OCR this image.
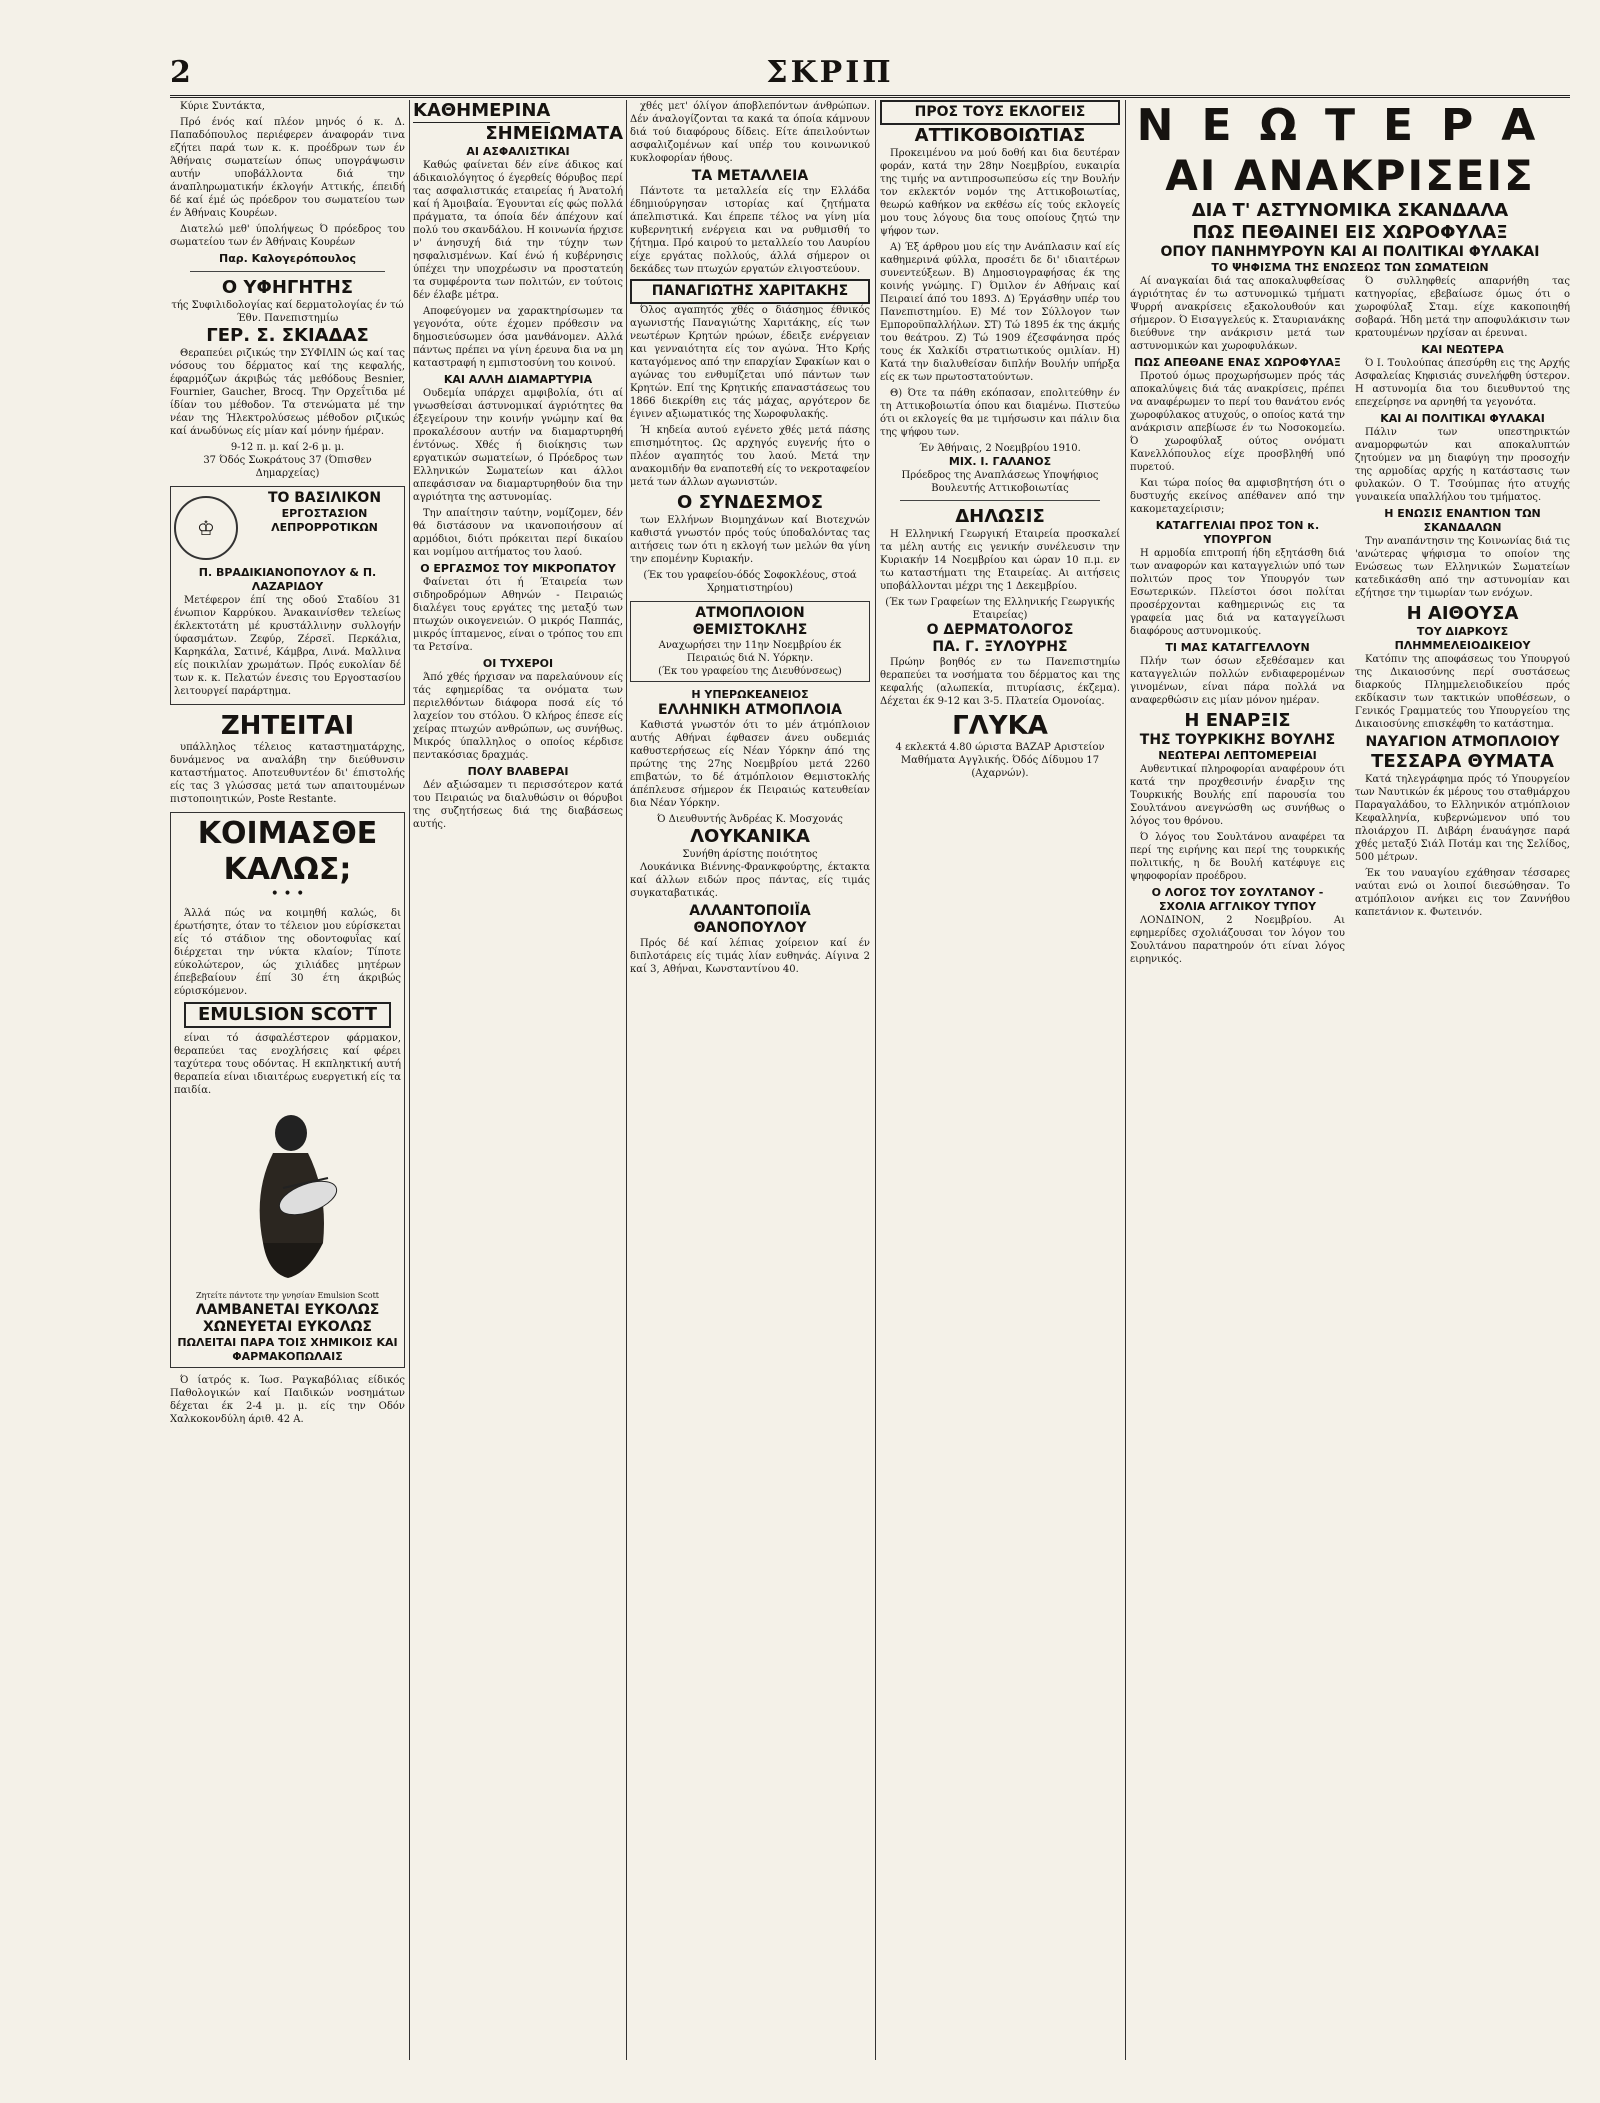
2	ΣΚΡΙΠ

Κύριε Συντάκτα,

Πρό ένός καί πλέον μηνός ό κ. Δ. Παπαδόπουλος περιέφερεν άναφοράν τινα εζήτει παρά των κ. κ. προέδρων των έν Άθήναις σωματείων όπως υπογράψωσιν αυτήν υποβάλλοντα διά την άναπληρωματικήν έκλογήν Αττικής, έπειδή δέ καί έμέ ώς πρόεδρον του σωματείου των έν Άθήναις Κουρέων.

Διατελώ μεθ' ύπολήψεως Ό πρόεδρος του σωματείου των έν Άθήναις Κουρέων

Παρ. Καλογερόπουλος
Ο ΥΦΗΓΗΤΗΣ
τής Συφιλιδολογίας καί δερματολογίας έν τώ Έθν. Πανεπιστημίω
ΓΕΡ. Σ. ΣΚΙΑΔΑΣ

Θεραπεύει ριζικώς την ΣΥΦΙΛΙΝ ώς καί τας νόσους του δέρματος καί της κεφαλής, έφαρμόζων άκριβώς τάς μεθόδους Besnier, Fournier, Gaucher, Brocq. Την Ορχεΐτιδα μέ ίδίαν του μέθοδον. Τα στενώματα μέ την νέαν της Ήλεκτρολύσεως μέθοδον ριζικώς καί άνωδύνως είς μίαν καί μόνην ήμέραν.

9-12 π. μ. καί 2-6 μ. μ.
37 Όδός Σωκράτους 37 (Όπισθεν Δημαρχείας)
♔
ΤΟ ΒΑΣΙΛΙΚΟΝ
ΕΡΓΟΣΤΑΣΙΟΝ ΛΕΠΡΟΡΡΟΤΙΚΩΝ
Π. ΒΡΑΔΙΚΙΑΝΟΠΟΥΛΟΥ & Π. ΛΑΖΑΡΙΔΟΥ

Μετέφερον έπί της οδού Σταδίου 31 ένωπιον Καρρύκου. Άνακαινίσθεν τελείως έκλεκτοτάτη μέ κρυστάλλινην συλλογήν ύφασμάτων. Ζεφύρ, Ζέρσεϊ. Περκάλια, Καρηκάλα, Σατινέ, Κάμβρα, Λινά. Μαλλινα είς ποικιλίαν χρωμάτων. Πρός ευκολίαν δέ των κ. κ. Πελατών ένεσις του Εργοστασίου λειτουργεί παράρτημα.

ΖΗΤΕΙΤΑΙ

υπάλληλος τέλειος καταστηματάρχης, δυνάμενος να αναλάβη την διεύθυνσιν καταστήματος. Αποτευθυντέον δι' έπιστολής είς τας 3 γλώσσας μετά των απαιτουμένων πιστοποιητικών, Poste Restante.

ΚΟΙΜΑΣΘΕ
ΚΑΛΩΣ;
• • •

Άλλά πώς να κοιμηθή καλώς, δι έρωτήσητε, όταν το τέλειον μου εύρίσκεται είς τό στάδιον της οδοντοφυΐας καί διέρχεται την νύκτα κλαίον; Τίποτε εύκολώτερον, ώς χιλιάδες μητέρων έπεβεβαίουν έπί 30 έτη άκριβώς εύρισκόμενον.

EMULSION SCOTT

είναι τό άσφαλέστερον φάρμακον, θεραπεύει τας ενοχλήσεις καί φέρει ταχύτερα τους οδόντας. Η εκπληκτική αυτή θεραπεία είναι ιδιαιτέρως ευεργετική είς τα παιδία.

Ζητείτε πάντοτε την γνησίαν Emulsion Scott
ΛΑΜΒΑΝΕΤΑΙ ΕΥΚΟΛΩΣ
ΧΩΝΕΥΕΤΑΙ ΕΥΚΟΛΩΣ
ΠΩΛΕΙΤΑΙ ΠΑΡΑ ΤΟΙΣ ΧΗΜΙΚΟΙΣ ΚΑΙ ΦΑΡΜΑΚΟΠΩΛΑΙΣ

Ό ίατρός κ. Ίωσ. Ραγκαβόλιας είδικός Παθολογικών καί Παιδικών νοσημάτων δέχεται έκ 2-4 μ. μ. είς την Οδόν Χαλκοκονδύλη άριθ. 42 Α.

ΚΑΘΗΜΕΡΙΝΑ
ΣΗΜΕΙΩΜΑΤΑ
ΑΙ ΑΣΦΑΛΙΣΤΙΚΑΙ

Καθώς φαίνεται δέν είνε άδικος καί άδικαιολόγητος ό έγερθείς θόρυβος περί τας ασφαλιστικάς εταιρείας ή Άνατολή καί ή Άμοιβαία. Έγουνται είς φώς πολλά πράγματα, τα όποία δέν άπέχουν καί πολύ του σκανδάλου. Η κοινωνία ήρχισε ν' άνησυχή διά την τύχην των ησφαλισμένων. Καί ένώ ή κυβέρνησις ύπέχει την υποχρέωσιν να προστατεύη τα συμφέροντα των πολιτών, εν τούτοις δέν έλαβε μέτρα.

Αποφεύγομεν να χαρακτηρίσωμεν τα γεγονότα, ούτε έχομεν πρόθεσιν να δημοσιεύσωμεν όσα μανθάνομεν. Αλλά πάντως πρέπει να γίνη έρευνα δια να μη καταστραφή η εμπιστοσύνη του κοινού.

ΚΑΙ ΑΛΛΗ ΔΙΑΜΑΡΤΥΡΙΑ

Ουδεμία υπάρχει αμφιβολία, ότι αί γνωσθείσαι άστυνομικαί άγριότητες θα έξεγείρουν την κοινήν γνώμην καί θα προκαλέσουν αυτήν να διαμαρτυρηθή έντόνως. Χθές ή διοίκησις των εργατικών σωματείων, ό Πρόεδρος των Ελληνικών Σωματείων και άλλοι απεφάσισαν να διαμαρτυρηθούν δια την αγριότητα της αστυνομίας.

Την απαίτησιν ταύτην, νομίζομεν, δέν θά διστάσουν να ικανοποιήσουν αί αρμόδιοι, διότι πρόκειται περί δικαίου και νομίμου αιτήματος του λαού.

Ο ΕΡΓΑΣΜΟΣ ΤΟΥ ΜΙΚΡΟΠΑΤΟΥ

Φαίνεται ότι ή Έταιρεία των σιδηροδρόμων Αθηνών - Πειραιώς διαλέγει τους εργάτες της μεταξύ των πτωχών οικογενειών. Ο μικρός Παππάς, μικρός ίπταμενος, είναι ο τρόπος του επι τα Ρετσίνα.

ΟΙ ΤΥΧΕΡΟΙ

Άπό χθές ήρχισαν να παρελαύνουν είς τάς εφημερίδας τα ονόματα των περιελθόντων διάφορα ποσά είς τό λαχείον του στόλου. Ό κλήρος έπεσε είς χείρας πτωχών ανθρώπων, ως συνήθως. Μικρός ύπαλληλος ο οποίος κέρδισε πεντακόσιας δραχμάς.

ΠΟΛΥ ΒΛΑΒΕΡΑΙ

Δέν αξιώσαμεν τι περισσότερον κατά του Πειραιώς να διαλυθώσιν οι θόρυβοι της συζητήσεως διά της διαβάσεως αυτής.

χθές μετ' όλίγον άποβλεπόντων άνθρώπων. Δέν άναλογίζονται τα κακά τα όποία κάμνουν διά τού διαφόρους δίδεις. Είτε άπειλούντων ασφαλιζομένων καί υπέρ του κοινωνικού κυκλοφορίαν ήθους.

ΤΑ ΜΕΤΑΛΛΕΙΑ

Πάντοτε τα μεταλλεία είς την Ελλάδα έδημιούργησαν ιστορίας καί ζητήματα άπελπιστικά. Και έπρεπε τέλος να γίνη μία κυβερνητική ενέργεια και να ρυθμισθή το ζήτημα. Πρό καιρού το μεταλλείο του Λαυρίου είχε εργάτας πολλούς, άλλά σήμερον οι δεκάδες των πτωχών εργατών ελιγοστεύουν.

ΠΑΝΑΓΙΩΤΗΣ ΧΑΡΙΤΑΚΗΣ

Όλος αγαπητός χθές ο διάσημος έθνικός αγωνιστής Παναγιώτης Χαριτάκης, είς των νεωτέρων Κρητών ηρώων, έδειξε ενέργειαν και γενναιότητα είς τον αγώνα. Ήτο Κρής καταγόμενος από την επαρχίαν Σφακίων και ο αγώνας του ενθυμίζεται υπό πάντων των Κρητών. Επί της Κρητικής επαναστάσεως του 1866 διεκρίθη εις τάς μάχας, αργότερον δε έγινεν αξιωματικός της Χωροφυλακής.

Ή κηδεία αυτού εγένετο χθές μετά πάσης επισημότητος. Ως αρχηγός ευγενής ήτο ο πλέον αγαπητός του λαού. Μετά την ανακομιδήν θα εναποτεθή είς το νεκροταφείον μετά των άλλων αγωνιστών.

Ο ΣΥΝΔΕΣΜΟΣ

των Ελλήνων Βιομηχάνων καί Βιοτεχνών καθιστά γνωστόν πρός τούς ύποδαλόντας τας αιτήσεις των ότι η εκλογή των μελών θα γίνη την επομένην Κυριακήν.

(Έκ του γραφείου-όδός Σοφοκλέους, στοά Χρηματιστηρίου)
ΑΤΜΟΠΛΟΙΟΝ
ΘΕΜΙΣΤΟΚΛΗΣ
Αναχωρήσει την 11ην Νοεμβρίου έκ Πειραιώς διά Ν. Υόρκην.
(Έκ του γραφείου της Διευθύνσεως)
Η ΥΠΕΡΩΚΕΑΝΕΙΟΣ
ΕΛΛΗΝΙΚΗ ΑΤΜΟΠΛΟΙΑ

Καθιστά γνωστόν ότι το μέν άτμόπλοιον αυτής Αθήναι έφθασεν άνευ ουδεμιάς καθυστερήσεως είς Νέαν Υόρκην άπό της πρώτης της 27ης Νοεμβρίου μετά 2260 επιβατών, το δέ άτμόπλοιον Θεμιστοκλής άπέπλευσε σήμερον έκ Πειραιώς κατευθείαν δια Νέαν Υόρκην.

Ό Διευθυντής Άνδρέας Κ. Μοσχονάς
ΛΟΥΚΑΝΙΚΑ
Συνήθη άρίστης ποιότητος

Λουκάνικα Βιέννης-Φρανκφούρτης, έκτακτα καί άλλων ειδών προς πάντας, είς τιμάς συγκαταβατικάς.

ΑΛΛΑΝΤΟΠΟΙΪΑ
ΘΑΝΟΠΟΥΛΟΥ

Πρός δέ καί λέπιας χοίρειον καί έν διπλοτάρεις είς τιμάς λίαν ευθηνάς. Αίγινα 2 καί 3, Αθήναι, Κωνσταντίνου 40.

ΠΡΟΣ ΤΟΥΣ ΕΚΛΟΓΕΙΣ
ΑΤΤΙΚΟΒΟΙΩΤΙΑΣ

Προκειμένου να μού δοθή και δια δευτέραν φοράν, κατά την 28ην Νοεμβρίου, ευκαιρία της τιμής να αντιπροσωπεύσω είς την Βουλήν τον εκλεκτόν νομόν της Αττικοβοιωτίας, θεωρώ καθήκον να εκθέσω είς τούς εκλογείς μου τους λόγους δια τους οποίους ζητώ την ψήφον των.

Α) Έξ άρθρου μου είς την Ανάπλασιν καί είς καθημερινά φύλλα, προσέτι δε δι' ιδιαιτέρων συνεντεύξεων. Β) Δημοσιογραφήσας έκ της κοινής γνώμης. Γ) Όμιλον έν Αθήναις καί Πειραιεί άπό του 1893. Δ) Έργάσθην υπέρ του Πανεπιστημίου. Ε) Μέ τον Σύλλογον των Εμποροϋπαλλήλων. ΣΤ) Τώ 1895 έκ της άκμής του θεάτρου. Ζ) Τώ 1909 έζεσφάνησα πρός τους έκ Χαλκίδι στρατιωτικούς ομιλίαν. Η) Κατά την διαλυθείσαν διπλήν Βουλήν υπήρξα είς εκ των πρωτοστατούντων.

Θ) Ότε τα πάθη εκόπασαν, επολιτεύθην έν τη Αττικοβοιωτία όπου και διαμένω. Πιστεύω ότι οι εκλογείς θα με τιμήσωσιν και πάλιν δια της ψήφου των.

Έν Άθήναις, 2 Νοεμβρίου 1910.
ΜΙΧ. Ι. ΓΑΛΑΝΟΣ
Πρόεδρος της Αναπλάσεως Υποψήφιος Βουλευτής Αττικοβοιωτίας
ΔΗΛΩΣΙΣ

Η Ελληνική Γεωργική Εταιρεία προσκαλεί τα μέλη αυτής εις γενικήν συνέλευσιν την Κυριακήν 14 Νοεμβρίου και ώραν 10 π.μ. εν τω καταστήματι της Εταιρείας. Αι αιτήσεις υποβάλλονται μέχρι της 1 Δεκεμβρίου.

(Έκ των Γραφείων της Ελληνικής Γεωργικής Εταιρείας)
Ο ΔΕΡΜΑΤΟΛΟΓΟΣ
ΠΑ. Γ. ΞΥΛΟΥΡΗΣ

Πρώην βοηθός εν τω Πανεπιστημίω θεραπεύει τα νοσήματα του δέρματος και της κεφαλής (αλωπεκία, πιτυρίασις, έκζεμα). Δέχεται έκ 9-12 και 3-5. Πλατεία Ομονοίας.

ΓΛΥΚΑ
4 εκλεκτά 4.80 ώριστα ΒΑΖΑΡ Αριστείον
Μαθήματα Αγγλικής. Όδός Δίδυμου 17 (Αχαρνών).
ΝΕΩΤΕΡΑ
ΑΙ ΑΝΑΚΡΙΣΕΙΣ
ΔΙΑ Τ' ΑΣΤΥΝΟΜΙΚΑ ΣΚΑΝΔΑΛΑ
ΠΩΣ ΠΕΘΑΙΝΕΙ ΕΙΣ ΧΩΡΟΦΥΛΑΞ
ΟΠΟΥ ΠΑΝΗΜΥΡΟΥΝ ΚΑΙ ΑΙ ΠΟΛΙΤΙΚΑΙ ΦΥΛΑΚΑΙ
ΤΟ ΨΗΦΙΣΜΑ ΤΗΣ ΕΝΩΣΕΩΣ ΤΩΝ ΣΩΜΑΤΕΙΩΝ

Αί αναγκαίαι διά τας αποκαλυφθείσας άγριότητας έν τω αστυνομικώ τμήματι Ψυρρή ανακρίσεις εξακολουθούν και σήμερον. Ό Εισαγγελεύς κ. Σταυριανάκης διεύθυνε την ανάκρισιν μετά των αστυνομικών και χωροφυλάκων.

ΠΩΣ ΑΠΕΘΑΝΕ ΕΝΑΣ ΧΩΡΟΦΥΛΑΞ

Προτού όμως προχωρήσωμεν πρός τάς αποκαλύψεις διά τάς ανακρίσεις, πρέπει να αναφέρωμεν το περί του θανάτου ενός χωροφύλακος ατυχούς, ο οποίος κατά την ανάκρισιν απεβίωσε έν τω Νοσοκομείω. Ό χωροφύλαξ ούτος ονόματι Κανελλόπουλος είχε προσβληθή υπό πυρετού.

Και τώρα ποίος θα αμφισβητήση ότι ο δυστυχής εκείνος απέθανεν από την κακομεταχείρισιν;

ΚΑΤΑΓΓΕΛΙΑΙ ΠΡΟΣ ΤΟΝ κ. ΥΠΟΥΡΓΟΝ

Η αρμοδία επιτροπή ήδη εξητάσθη διά των αναφορών και καταγγελιών υπό των πολιτών προς τον Υπουργόν των Εσωτερικών. Πλείστοι όσοι πολίται προσέρχονται καθημερινώς εις τα γραφεία μας διά να καταγγείλωσι διαφόρους αστυνομικούς.

ΤΙ ΜΑΣ ΚΑΤΑΓΓΕΛΛΟΥΝ

Πλήν των όσων εξεθέσαμεν και καταγγελιών πολλών ενδιαφερομένων γινομένων, είναι πάρα πολλά να αναφερθώσιν εις μίαν μόνον ημέραν.

Η ΕΝΑΡΞΙΣ
ΤΗΣ ΤΟΥΡΚΙΚΗΣ ΒΟΥΛΗΣ
ΝΕΩΤΕΡΑΙ ΛΕΠΤΟΜΕΡΕΙΑΙ

Αυθεντικαί πληροφορίαι αναφέρουν ότι κατά την προχθεσινήν έναρξιν της Τουρκικής Βουλής επί παρουσία του Σουλτάνου ανεγνώσθη ως συνήθως ο λόγος του θρόνου.

Ό λόγος του Σουλτάνου αναφέρει τα περί της ειρήνης και περί της τουρκικής πολιτικής, η δε Βουλή κατέφυγε εις ψηφοφορίαν προέδρου.

Ο ΛΟΓΟΣ ΤΟΥ ΣΟΥΛΤΑΝΟΥ - ΣΧΟΛΙΑ ΑΓΓΛΙΚΟΥ ΤΥΠΟΥ

ΛΟΝΔΙΝΟΝ, 2 Νοεμβρίου. Αι εφημερίδες σχολιάζουσαι τον λόγον του Σουλτάνου παρατηρούν ότι είναι λόγος ειρηνικός.

Ό συλληφθείς απαρνήθη τας κατηγορίας, εβεβαίωσε όμως ότι ο χωροφύλαξ Σταμ. είχε κακοποιηθή σοβαρά. Ήδη μετά την αποφυλάκισιν των κρατουμένων ηρχίσαν αι έρευναι.

ΚΑΙ ΝΕΩΤΕΡΑ

Ό Ι. Τουλούπας άπεσύρθη εις της Αρχής Ασφαλείας Κηφισιάς συνελήφθη ύστερον. Η αστυνομία δια του διευθυντού της επεχείρησε να αρνηθή τα γεγονότα.

ΚΑΙ ΑΙ ΠΟΛΙΤΙΚΑΙ ΦΥΛΑΚΑΙ

Πάλιν των υπεστηρικτών αναμορφωτών και αποκαλυπτών ζητούμεν να μη διαφύγη την προσοχήν της αρμοδίας αρχής η κατάστασις των φυλακών. Ο Τ. Τσούμπας ήτο ατυχής γυναικεία υπαλλήλου του τμήματος.

Η ΕΝΩΣΙΣ ΕΝΑΝΤΙΟΝ ΤΩΝ ΣΚΑΝΔΑΛΩΝ

Την αναπάντησιν της Κοινωνίας διά τις 'ανώτερας ψήφισμα το οποίον της Ενώσεως των Ελληνικών Σωματείων κατεδικάσθη από την αστυνομίαν και εζήτησε την τιμωρίαν των ενόχων.

Η ΑΙΘΟΥΣΑ
ΤΟΥ ΔΙΑΡΚΟΥΣ ΠΛΗΜΜΕΛΕΙΟΔΙΚΕΙΟΥ

Κατόπιν της αποφάσεως του Υπουργού της Δικαιοσύνης περί συστάσεως διαρκούς Πλημμελειοδικείου πρός εκδίκασιν των τακτικών υποθέσεων, ο Γενικός Γραμματεύς του Υπουργείου της Δικαιοσύνης επισκέφθη το κατάστημα.

ΝΑΥΑΓΙΟΝ ΑΤΜΟΠΛΟΙΟΥ
ΤΕΣΣΑΡΑ ΘΥΜΑΤΑ

Κατά τηλεγράφημα πρός τό Υπουργείον των Ναυτικών έκ μέρους του σταθμάρχου Παραγαλάδου, το Ελληνικόν ατμόπλοιον Κεφαλληνία, κυβερνώμενον υπό του πλοιάρχου Π. Διβάρη έναυάγησε παρά χθές μεταξύ Σιάλ Ποτάμ και της Σελίδος, 500 μέτρων.

Έκ του ναυαγίου εχάθησαν τέσσαρες ναύται ενώ οι λοιποί διεσώθησαν. Το ατμόπλοιον ανήκει εις τον Ζαννήθου καπετάνιον κ. Φωτεινόν.
